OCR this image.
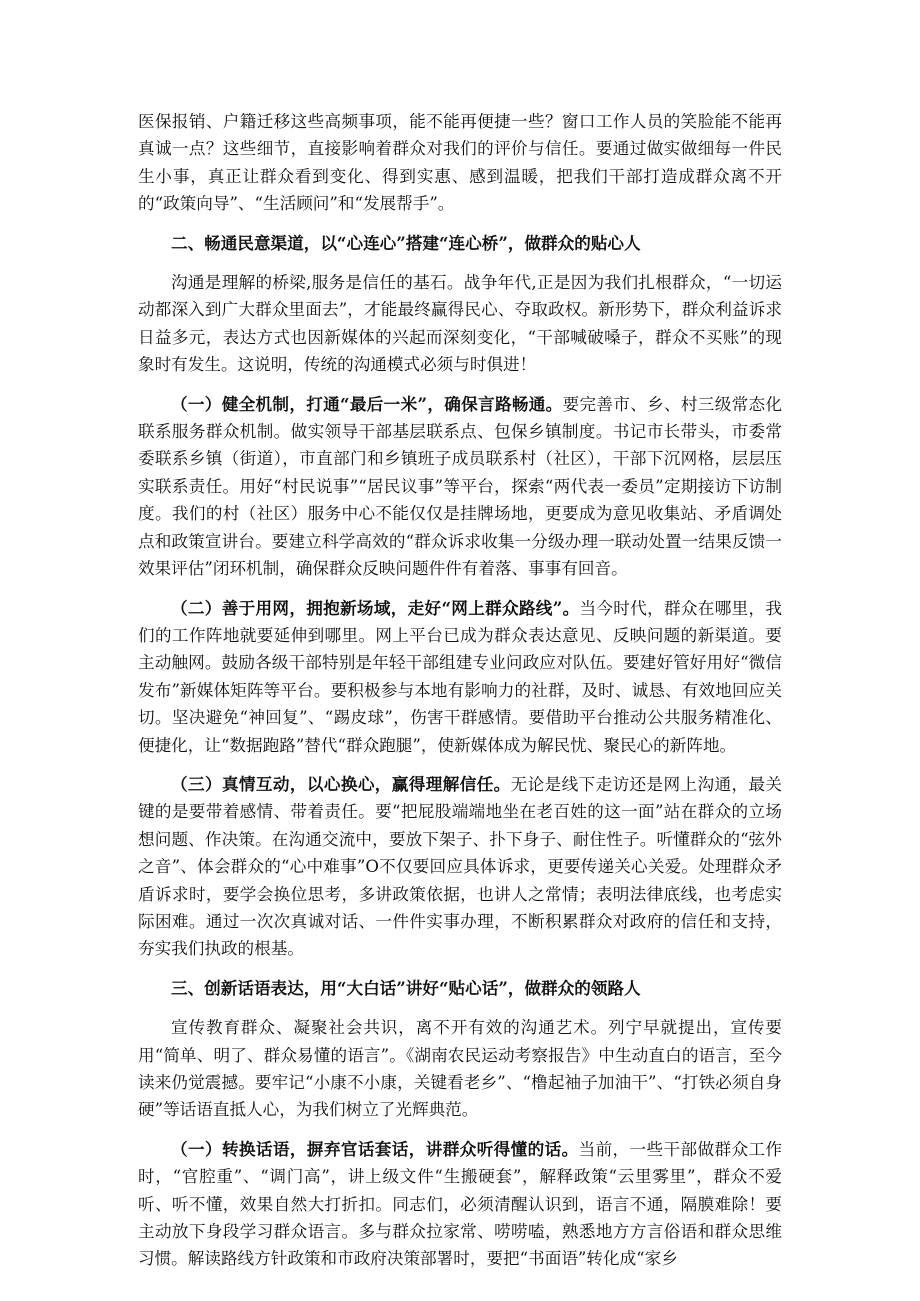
医保报销、户籍迁移这些高频事项，能不能再便捷一些？窗口工作人员的笑脸能不能再真诚一点？这些细节，直接影响着群众对我们的评价与信任。要通过做实做细每一件民生小事，真正让群众看到变化、得到实惠、感到温暖，把我们干部打造成群众离不开的“政策向导”、“生活顾问”和“发展帮手”。

二、畅通民意渠道，以“心连心”搭建“连心桥”，做群众的贴心人

沟通是理解的桥梁,服务是信任的基石。战争年代,正是因为我们扎根群众，“一切运动都深入到广大群众里面去”，才能最终赢得民心、夺取政权。新形势下，群众利益诉求日益多元，表达方式也因新媒体的兴起而深刻变化，“干部喊破嗓子，群众不买账”的现象时有发生。这说明，传统的沟通模式必须与时俱进！

（一）健全机制，打通“最后一米”，确保言路畅通。要完善市、乡、村三级常态化联系服务群众机制。做实领导干部基层联系点、包保乡镇制度。书记市长带头，市委常委联系乡镇（街道），市直部门和乡镇班子成员联系村（社区），干部下沉网格，层层压实联系责任。用好“村民说事”“居民议事”等平台，探索“两代表一委员”定期接访下访制度。我们的村（社区）服务中心不能仅仅是挂牌场地，更要成为意见收集站、矛盾调处点和政策宣讲台。要建立科学高效的“群众诉求收集一分级办理一联动处置一结果反馈一效果评估”闭环机制，确保群众反映问题件件有着落、事事有回音。

（二）善于用网，拥抱新场域，走好“网上群众路线”。当今时代，群众在哪里，我们的工作阵地就要延伸到哪里。网上平台已成为群众表达意见、反映问题的新渠道。要主动触网。鼓励各级干部特别是年轻干部组建专业问政应对队伍。要建好管好用好“微信发布”新媒体矩阵等平台。要积极参与本地有影响力的社群，及时、诚恳、有效地回应关切。坚决避免“神回复”、“踢皮球”，伤害干群感情。要借助平台推动公共服务精准化、便捷化，让“数据跑路”替代“群众跑腿”，使新媒体成为解民忧、聚民心的新阵地。

（三）真情互动，以心换心，赢得理解信任。无论是线下走访还是网上沟通，最关键的是要带着感情、带着责任。要“把屁股端端地坐在老百姓的这一面”站在群众的立场想问题、作决策。在沟通交流中，要放下架子、扑下身子、耐住性子。听懂群众的“弦外之音”、体会群众的“心中难事”O不仅要回应具体诉求，更要传递关心关爱。处理群众矛盾诉求时，要学会换位思考，多讲政策依据，也讲人之常情；表明法律底线，也考虑实际困难。通过一次次真诚对话、一件件实事办理，不断积累群众对政府的信任和支持，夯实我们执政的根基。

三、创新话语表达，用“大白话”讲好“贴心话”，做群众的领路人

宣传教育群众、凝聚社会共识，离不开有效的沟通艺术。列宁早就提出，宣传要用“简单、明了、群众易懂的语言”。《湖南农民运动考察报告》中生动直白的语言，至今读来仍觉震撼。要牢记“小康不小康，关键看老乡”、“橹起袖子加油干”、“打铁必须自身硬”等话语直抵人心，为我们树立了光辉典范。

（一）转换话语，摒弃官话套话，讲群众听得懂的话。当前，一些干部做群众工作时，“官腔重”、“调门高”，讲上级文件“生搬硬套”，解释政策“云里雾里”，群众不爱听、听不懂，效果自然大打折扣。同志们，必须清醒认识到，语言不通，隔膜难除！要主动放下身段学习群众语言。多与群众拉家常、唠唠嗑，熟悉地方方言俗语和群众思维习惯。解读路线方针政策和市政府决策部署时，要把“书面语”转化成“家乡
